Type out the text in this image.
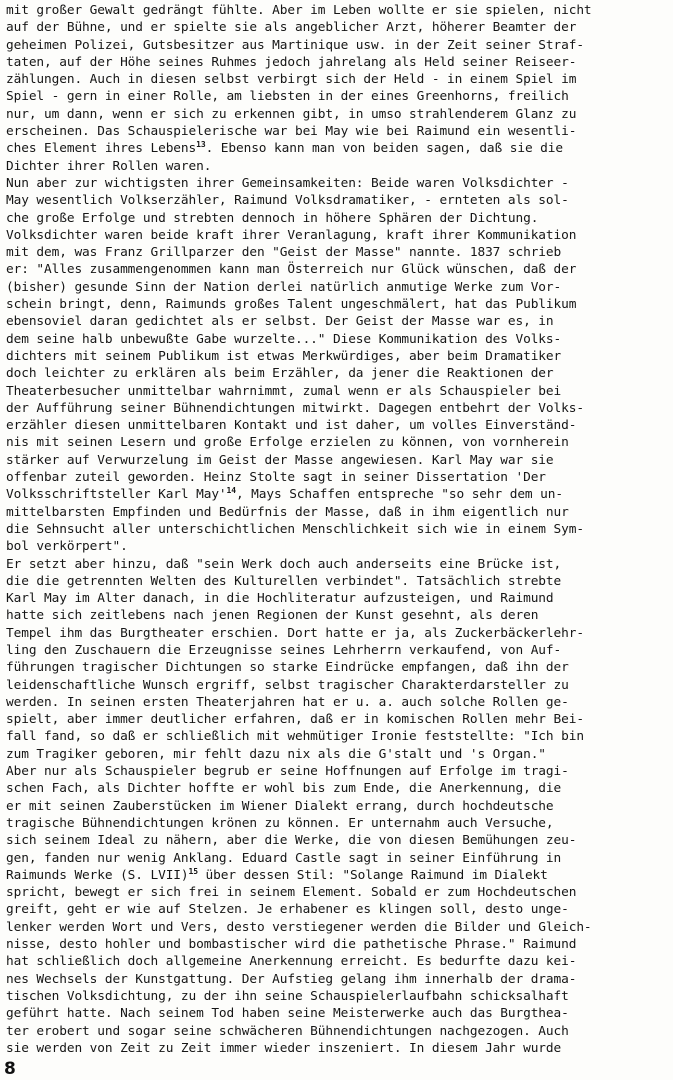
mit großer Gewalt gedrängt fühlte. Aber im Leben wollte er sie spielen, nicht
auf der Bühne, und er spielte sie als angeblicher Arzt, höherer Beamter der
geheimen Polizei, Gutsbesitzer aus Martinique usw. in der Zeit seiner Straf-
taten, auf der Höhe seines Ruhmes jedoch jahrelang als Held seiner Reiseer-
zählungen. Auch in diesen selbst verbirgt sich der Held - in einem Spiel im
Spiel - gern in einer Rolle, am liebsten in der eines Greenhorns, freilich
nur, um dann, wenn er sich zu erkennen gibt, in umso strahlenderem Glanz zu
erscheinen. Das Schauspielerische war bei May wie bei Raimund ein wesentli-
ches Element ihres Lebens$^{13}$. Ebenso kann man von beiden sagen, daß sie die
Dichter ihrer Rollen waren.
Nun aber zur wichtigsten ihrer Gemeinsamkeiten: Beide waren Volksdichter -
May wesentlich Volkserzähler, Raimund Volksdramatiker, - ernteten als sol-
che große Erfolge und strebten dennoch in höhere Sphären der Dichtung.
Volksdichter waren beide kraft ihrer Veranlagung, kraft ihrer Kommunikation
mit dem, was Franz Grillparzer den "Geist der Masse" nannte. 1837 schrieb
er: "Alles zusammengenommen kann man Österreich nur Glück wünschen, daß der
(bisher) gesunde Sinn der Nation derlei natürlich anmutige Werke zum Vor-
schein bringt, denn, Raimunds großes Talent ungeschmälert, hat das Publikum
ebensoviel daran gedichtet als er selbst. Der Geist der Masse war es, in
dem seine halb unbewußte Gabe wurzelte..." Diese Kommunikation des Volks-
dichters mit seinem Publikum ist etwas Merkwürdiges, aber beim Dramatiker
doch leichter zu erklären als beim Erzähler, da jener die Reaktionen der
Theaterbesucher unmittelbar wahrnimmt, zumal wenn er als Schauspieler bei
der Aufführung seiner Bühnendichtungen mitwirkt. Dagegen entbehrt der Volks-
erzähler diesen unmittelbaren Kontakt und ist daher, um volles Einverständ-
nis mit seinen Lesern und große Erfolge erzielen zu können, von vornherein
stärker auf Verwurzelung im Geist der Masse angewiesen. Karl May war sie
offenbar zuteil geworden. Heinz Stolte sagt in seiner Dissertation 'Der
Volksschriftsteller Karl $May'^{14}$, Mays Schaffen entspreche "so sehr dem un-
mittelbarsten Empfinden und Bedürfnis der Masse, daß in ihm eigentlich nur
die Sehnsucht aller unterschichtlichen Menschlichkeit sich wie in einem Sym-
bol verkörpert".
Er setzt aber hinzu, daß "sein Werk doch auch anderseits eine Brücke ist,
die die getrennten Welten des Kulturellen verbindet". Tatsächlich strebte
Karl May im Alter danach, in die Hochliteratur aufzusteigen, und Raimund
hatte sich zeitlebens nach jenen Regionen der Kunst gesehnt, als deren
Tempel ihm das Burgtheater erschien. Dort hatte er ja, als Zuckerbäckerlehr-
ling den Zuschauern die Erzeugnisse seines Lehrherrn verkaufend, von Auf-
führungen tragischer Dichtungen so starke Eindrücke empfangen, daß ihn der
leidenschaftliche Wunsch ergriff, selbst tragischer Charakterdarsteller zu
werden. In seinen ersten Theaterjahren hat er u. a. auch solche Rollen ge-
spielt, aber immer deutlicher erfahren, daß er in komischen Rollen mehr Bei-
fall fand, so daß er schließlich mit wehmütiger Ironie feststellte: "Ich bin
zum Tragiker geboren, mir fehlt dazu nix als die G'stalt und 's Organ."
Aber nur als Schauspieler begrub er seine Hoffnungen auf Erfolge im tragi-
schen Fach, als Dichter hoffte er wohl bis zum Ende, die Anerkennung, die
er mit seinen Zauberstücken im Wiener Dialekt errang, durch hochdeutsche
tragische Bühnendichtungen krönen zu können. Er unternahm auch Versuche,
sich seinem Ideal zu nähern, aber die Werke, die von diesen Bemühungen zeu-
gen, fanden nur wenig Anklang. Eduard Castle sagt in seiner Einführung in
Raimunds Werke (S. LVII)$^{15}$ über dessen Stil: "Solange Raimund im Dialekt
spricht, bewegt er sich frei in seinem Element. Sobald er zum Hochdeutschen
greift, geht er wie auf Stelzen. Je erhabener es klingen soll, desto unge-
lenker werden Wort und Vers, desto verstiegener werden die Bilder und Gleich-
nisse, desto hohler und bombastischer wird die pathetische Phrase." Raimund
hat schließlich doch allgemeine Anerkennung erreicht. Es bedurfte dazu kei-
nes Wechsels der Kunstgattung. Der Aufstieg gelang ihm innerhalb der drama-
tischen Volksdichtung, zu der ihn seine Schauspielerlaufbahn schicksalhaft
geführt hatte. Nach seinem Tod haben seine Meisterwerke auch das Burgthea-
ter erobert und sogar seine schwächeren Bühnendichtungen nachgezogen. Auch
sie werden von Zeit zu Zeit immer wieder inszeniert. In diesem Jahr wurde
8
